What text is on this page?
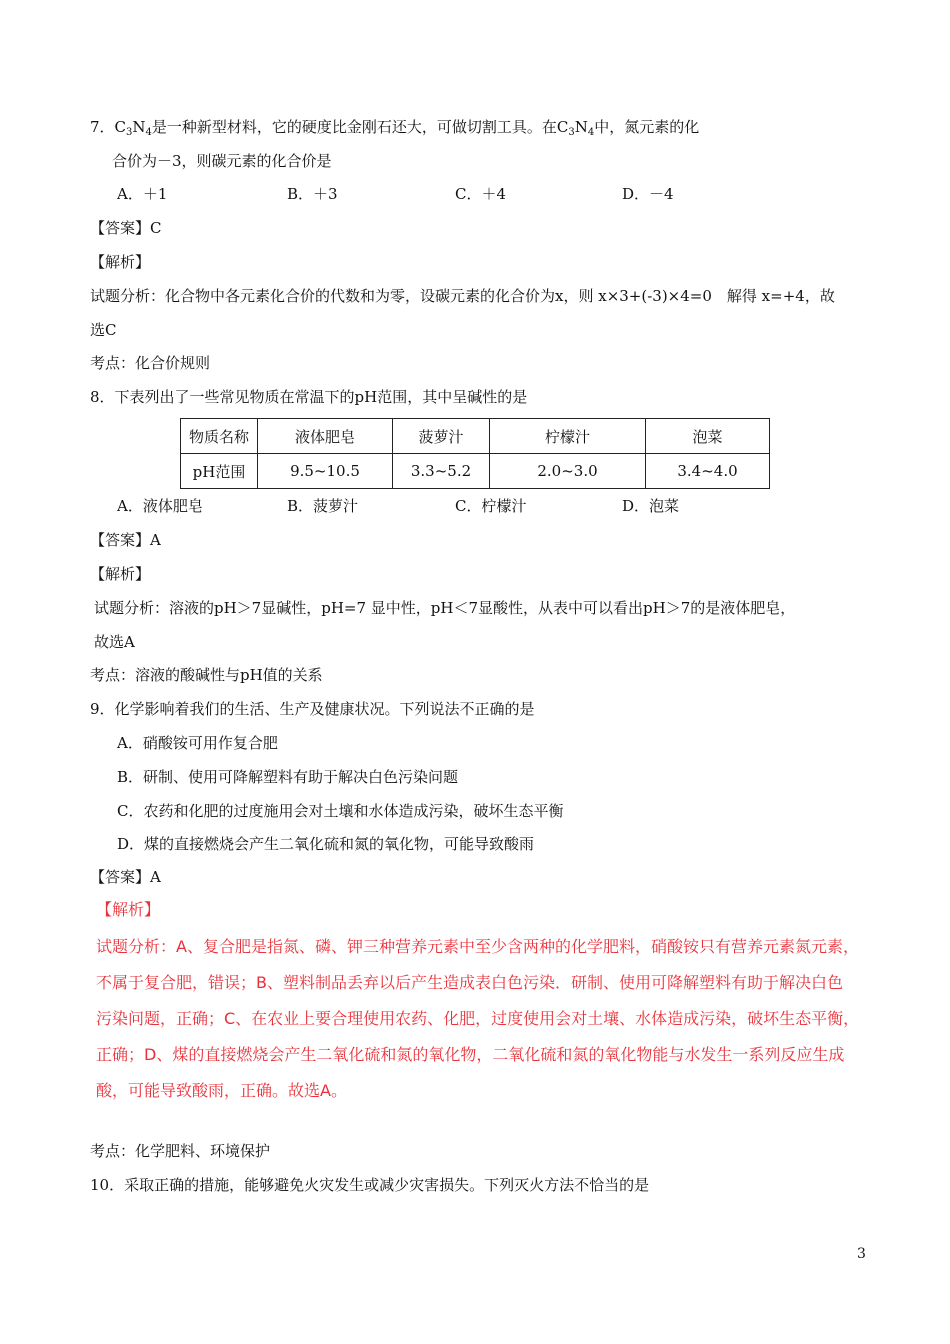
7．$C_3N_4$是一种新型材料，它的硬度比金刚石还大，可做切割工具。在$C_3N_4$中，氮元素的化
合价为－3，则碳元素的化合价是
A．＋1	B．＋3	C．＋4	D．－4
【答案】C
【解析】
试题分析：化合物中各元素化合价的代数和为零，设碳元素的化合价为x，则 x×3+(-3)×4=0　解得 x=+4，故
选C
考点：化合价规则
8．下表列出了一些常见物质在常温下的pH范围，其中呈碱性的是
物质名称	液体肥皂	菠萝汁	柠檬汁	泡菜
pH范围	9.5~10.5	3.3~5.2	2.0~3.0	3.4~4.0
A．液体肥皂	B．菠萝汁	C．柠檬汁	D．泡菜
【答案】A
【解析】
试题分析：溶液的pH＞7显碱性，pH=7 显中性，pH＜7显酸性，从表中可以看出pH＞7的是液体肥皂，
故选A
考点：溶液的酸碱性与pH值的关系
9．化学影响着我们的生活、生产及健康状况。下列说法不正确的是
A．硝酸铵可用作复合肥
B．研制、使用可降解塑料有助于解决白色污染问题
C．农药和化肥的过度施用会对土壤和水体造成污染，破坏生态平衡
D．煤的直接燃烧会产生二氧化硫和氮的氧化物，可能导致酸雨
【答案】A
【解析】
试题分析：A、复合肥是指氮、磷、钾三种营养元素中至少含两种的化学肥料，硝酸铵只有营养元素氮元素，
不属于复合肥，错误；B、塑料制品丢弃以后产生造成表白色污染．研制、使用可降解塑料有助于解决白色
污染问题，正确；C、在农业上要合理使用农药、化肥，过度使用会对土壤、水体造成污染，破坏生态平衡，
正确；D、煤的直接燃烧会产生二氧化硫和氮的氧化物，二氧化硫和氮的氧化物能与水发生一系列反应生成
酸，可能导致酸雨，正确。故选A。
考点：化学肥料、环境保护
10．采取正确的措施，能够避免火灾发生或减少灾害损失。下列灭火方法不恰当的是
3
